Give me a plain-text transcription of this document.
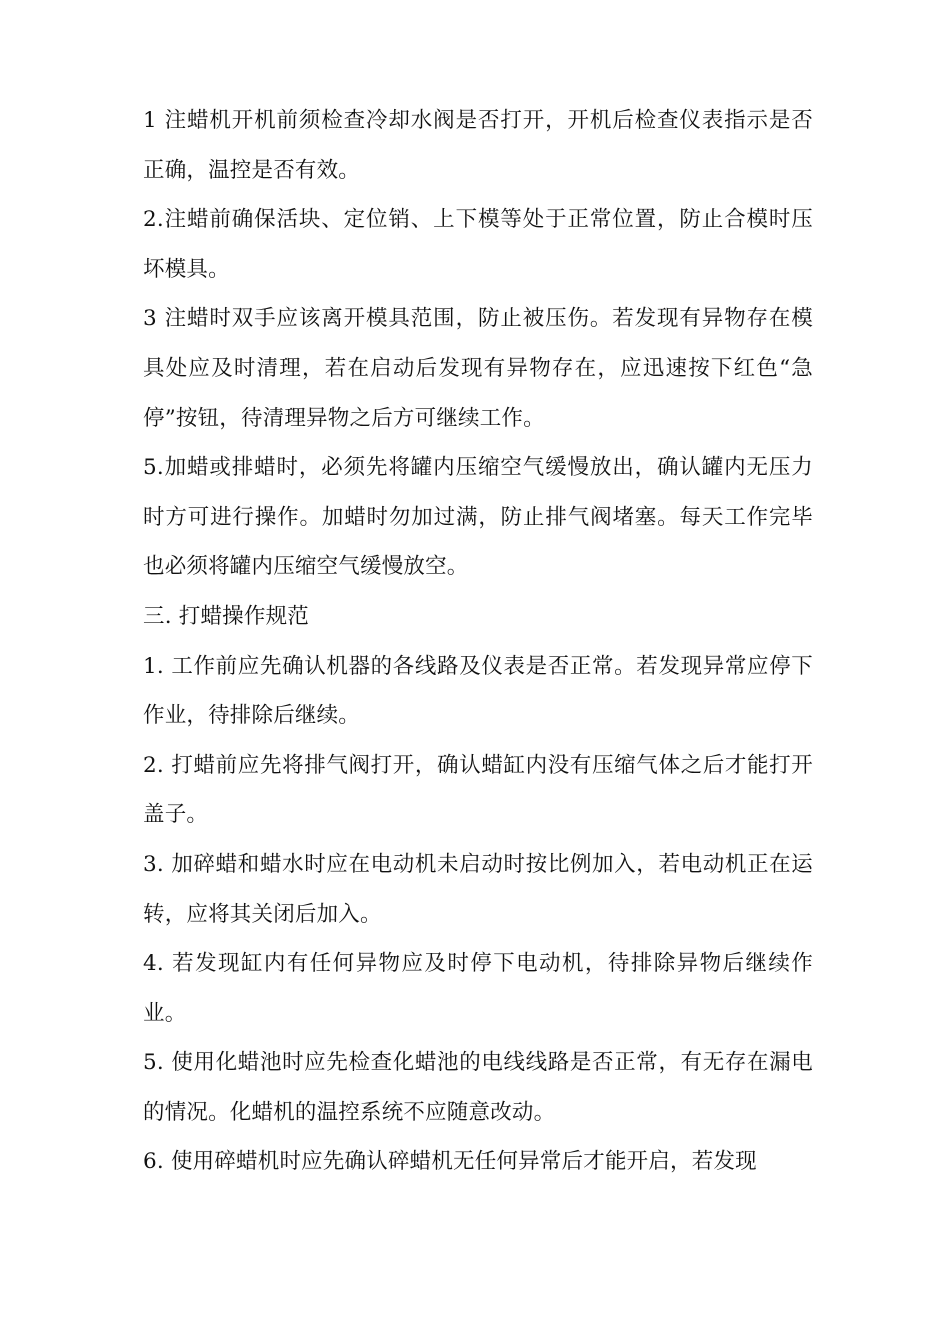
1 注蜡机开机前须检查冷却水阀是否打开，开机后检查仪表指示是否正确，温控是否有效。

2.注蜡前确保活块、定位销、上下模等处于正常位置，防止合模时压坏模具。

3 注蜡时双手应该离开模具范围，防止被压伤。若发现有异物存在模具处应及时清理，若在启动后发现有异物存在，应迅速按下红色“急停”按钮，待清理异物之后方可继续工作。

5.加蜡或排蜡时，必须先将罐内压缩空气缓慢放出，确认罐内无压力时方可进行操作。加蜡时勿加过满，防止排气阀堵塞。每天工作完毕也必须将罐内压缩空气缓慢放空。

三. 打蜡操作规范

1. 工作前应先确认机器的各线路及仪表是否正常。若发现异常应停下作业，待排除后继续。

2. 打蜡前应先将排气阀打开，确认蜡缸内没有压缩气体之后才能打开盖子。

3. 加碎蜡和蜡水时应在电动机未启动时按比例加入，若电动机正在运转，应将其关闭后加入。

4. 若发现缸内有任何异物应及时停下电动机，待排除异物后继续作业。

5. 使用化蜡池时应先检查化蜡池的电线线路是否正常，有无存在漏电的情况。化蜡机的温控系统不应随意改动。

6. 使用碎蜡机时应先确认碎蜡机无任何异常后才能开启，若发现
